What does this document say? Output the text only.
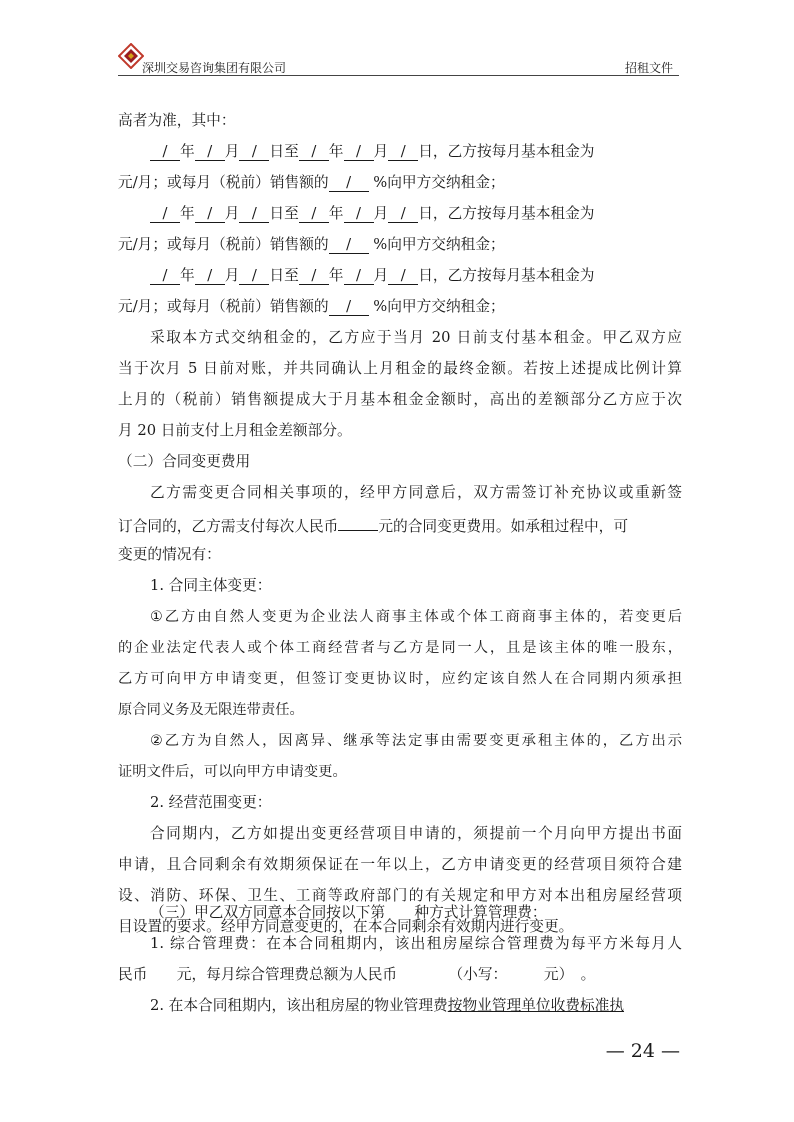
深圳交易咨询集团有限公司	招租文件
高者为准，其中：
/ 年 / 月 / 日至 / 年 / 月 / 日，乙方按每月基本租金为
元/月；或每月（税前）销售额的 / %向甲方交纳租金；
/ 年 / 月 / 日至 / 年 / 月 / 日，乙方按每月基本租金为
元/月；或每月（税前）销售额的 / %向甲方交纳租金；
/ 年 / 月 / 日至 / 年 / 月 / 日，乙方按每月基本租金为
元/月；或每月（税前）销售额的 / %向甲方交纳租金；
采取本方式交纳租金的，乙方应于当月 20 日前支付基本租金。甲乙双方应
当于次月 5 日前对账，并共同确认上月租金的最终金额。若按上述提成比例计算
上月的（税前）销售额提成大于月基本租金金额时，高出的差额部分乙方应于次
月 20 日前支付上月租金差额部分。
（二）合同变更费用
乙方需变更合同相关事项的，经甲方同意后，双方需签订补充协议或重新签
订合同的，乙方需支付每次人民币	元的合同变更费用。如承租过程中，可
变更的情况有：
1. 合同主体变更：
①乙方由自然人变更为企业法人商事主体或个体工商商事主体的，若变更后
的企业法定代表人或个体工商经营者与乙方是同一人，且是该主体的唯一股东，
乙方可向甲方申请变更，但签订变更协议时，应约定该自然人在合同期内须承担
原合同义务及无限连带责任。
②乙方为自然人，因离异、继承等法定事由需要变更承租主体的，乙方出示
证明文件后，可以向甲方申请变更。
2. 经营范围变更：
合同期内，乙方如提出变更经营项目申请的，须提前一个月向甲方提出书面
申请，且合同剩余有效期须保证在一年以上，乙方申请变更的经营项目须符合建
设、消防、环保、卫生、工商等政府部门的有关规定和甲方对本出租房屋经营项
目设置的要求。经甲方同意变更的，在本合同剩余有效期内进行变更。
（三）甲乙双方同意本合同按以下第　　种方式计算管理费：
1. 综合管理费：在本合同租期内，该出租房屋综合管理费为每平方米每月人
民币　　元，每月综合管理费总额为人民币　　　　（小写：　　　元）　。
2. 在本合同租期内，该出租房屋的物业管理费按物业管理单位收费标准执
— 24 —
